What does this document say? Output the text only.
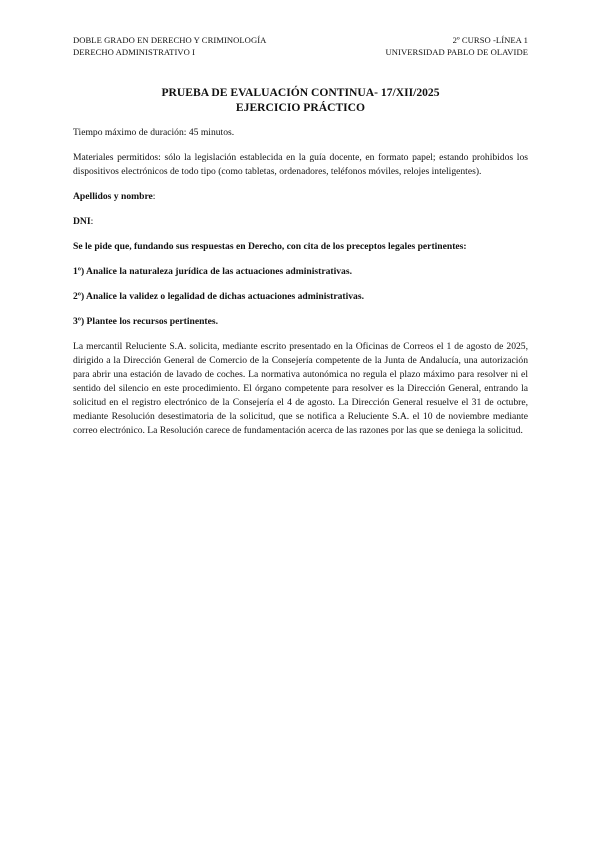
DOBLE GRADO EN DERECHO Y CRIMINOLOGÍA
DERECHO ADMINISTRATIVO I
2º CURSO -LÍNEA 1
UNIVERSIDAD PABLO DE OLAVIDE
PRUEBA DE EVALUACIÓN CONTINUA- 17/XII/2025
EJERCICIO PRÁCTICO

Tiempo máximo de duración: 45 minutos.

Materiales permitidos: sólo la legislación establecida en la guía docente, en formato papel; estando prohibidos los dispositivos electrónicos de todo tipo (como tabletas, ordenadores, teléfonos móviles, relojes inteligentes).

Apellidos y nombre:

DNI:

Se le pide que, fundando sus respuestas en Derecho, con cita de los preceptos legales pertinentes:

1º) Analice la naturaleza jurídica de las actuaciones administrativas.

2º) Analice la validez o legalidad de dichas actuaciones administrativas.

3º) Plantee los recursos pertinentes.

La mercantil Reluciente S.A. solicita, mediante escrito presentado en la Oficinas de Correos el 1 de agosto de 2025, dirigido a la Dirección General de Comercio de la Consejería competente de la Junta de Andalucía, una autorización para abrir una estación de lavado de coches. La normativa autonómica no regula el plazo máximo para resolver ni el sentido del silencio en este procedimiento. El órgano competente para resolver es la Dirección General, entrando la solicitud en el registro electrónico de la Consejería el 4 de agosto. La Dirección General resuelve el 31 de octubre, mediante Resolución desestimatoria de la solicitud, que se notifica a Reluciente S.A. el 10 de noviembre mediante correo electrónico. La Resolución carece de fundamentación acerca de las razones por las que se deniega la solicitud.
